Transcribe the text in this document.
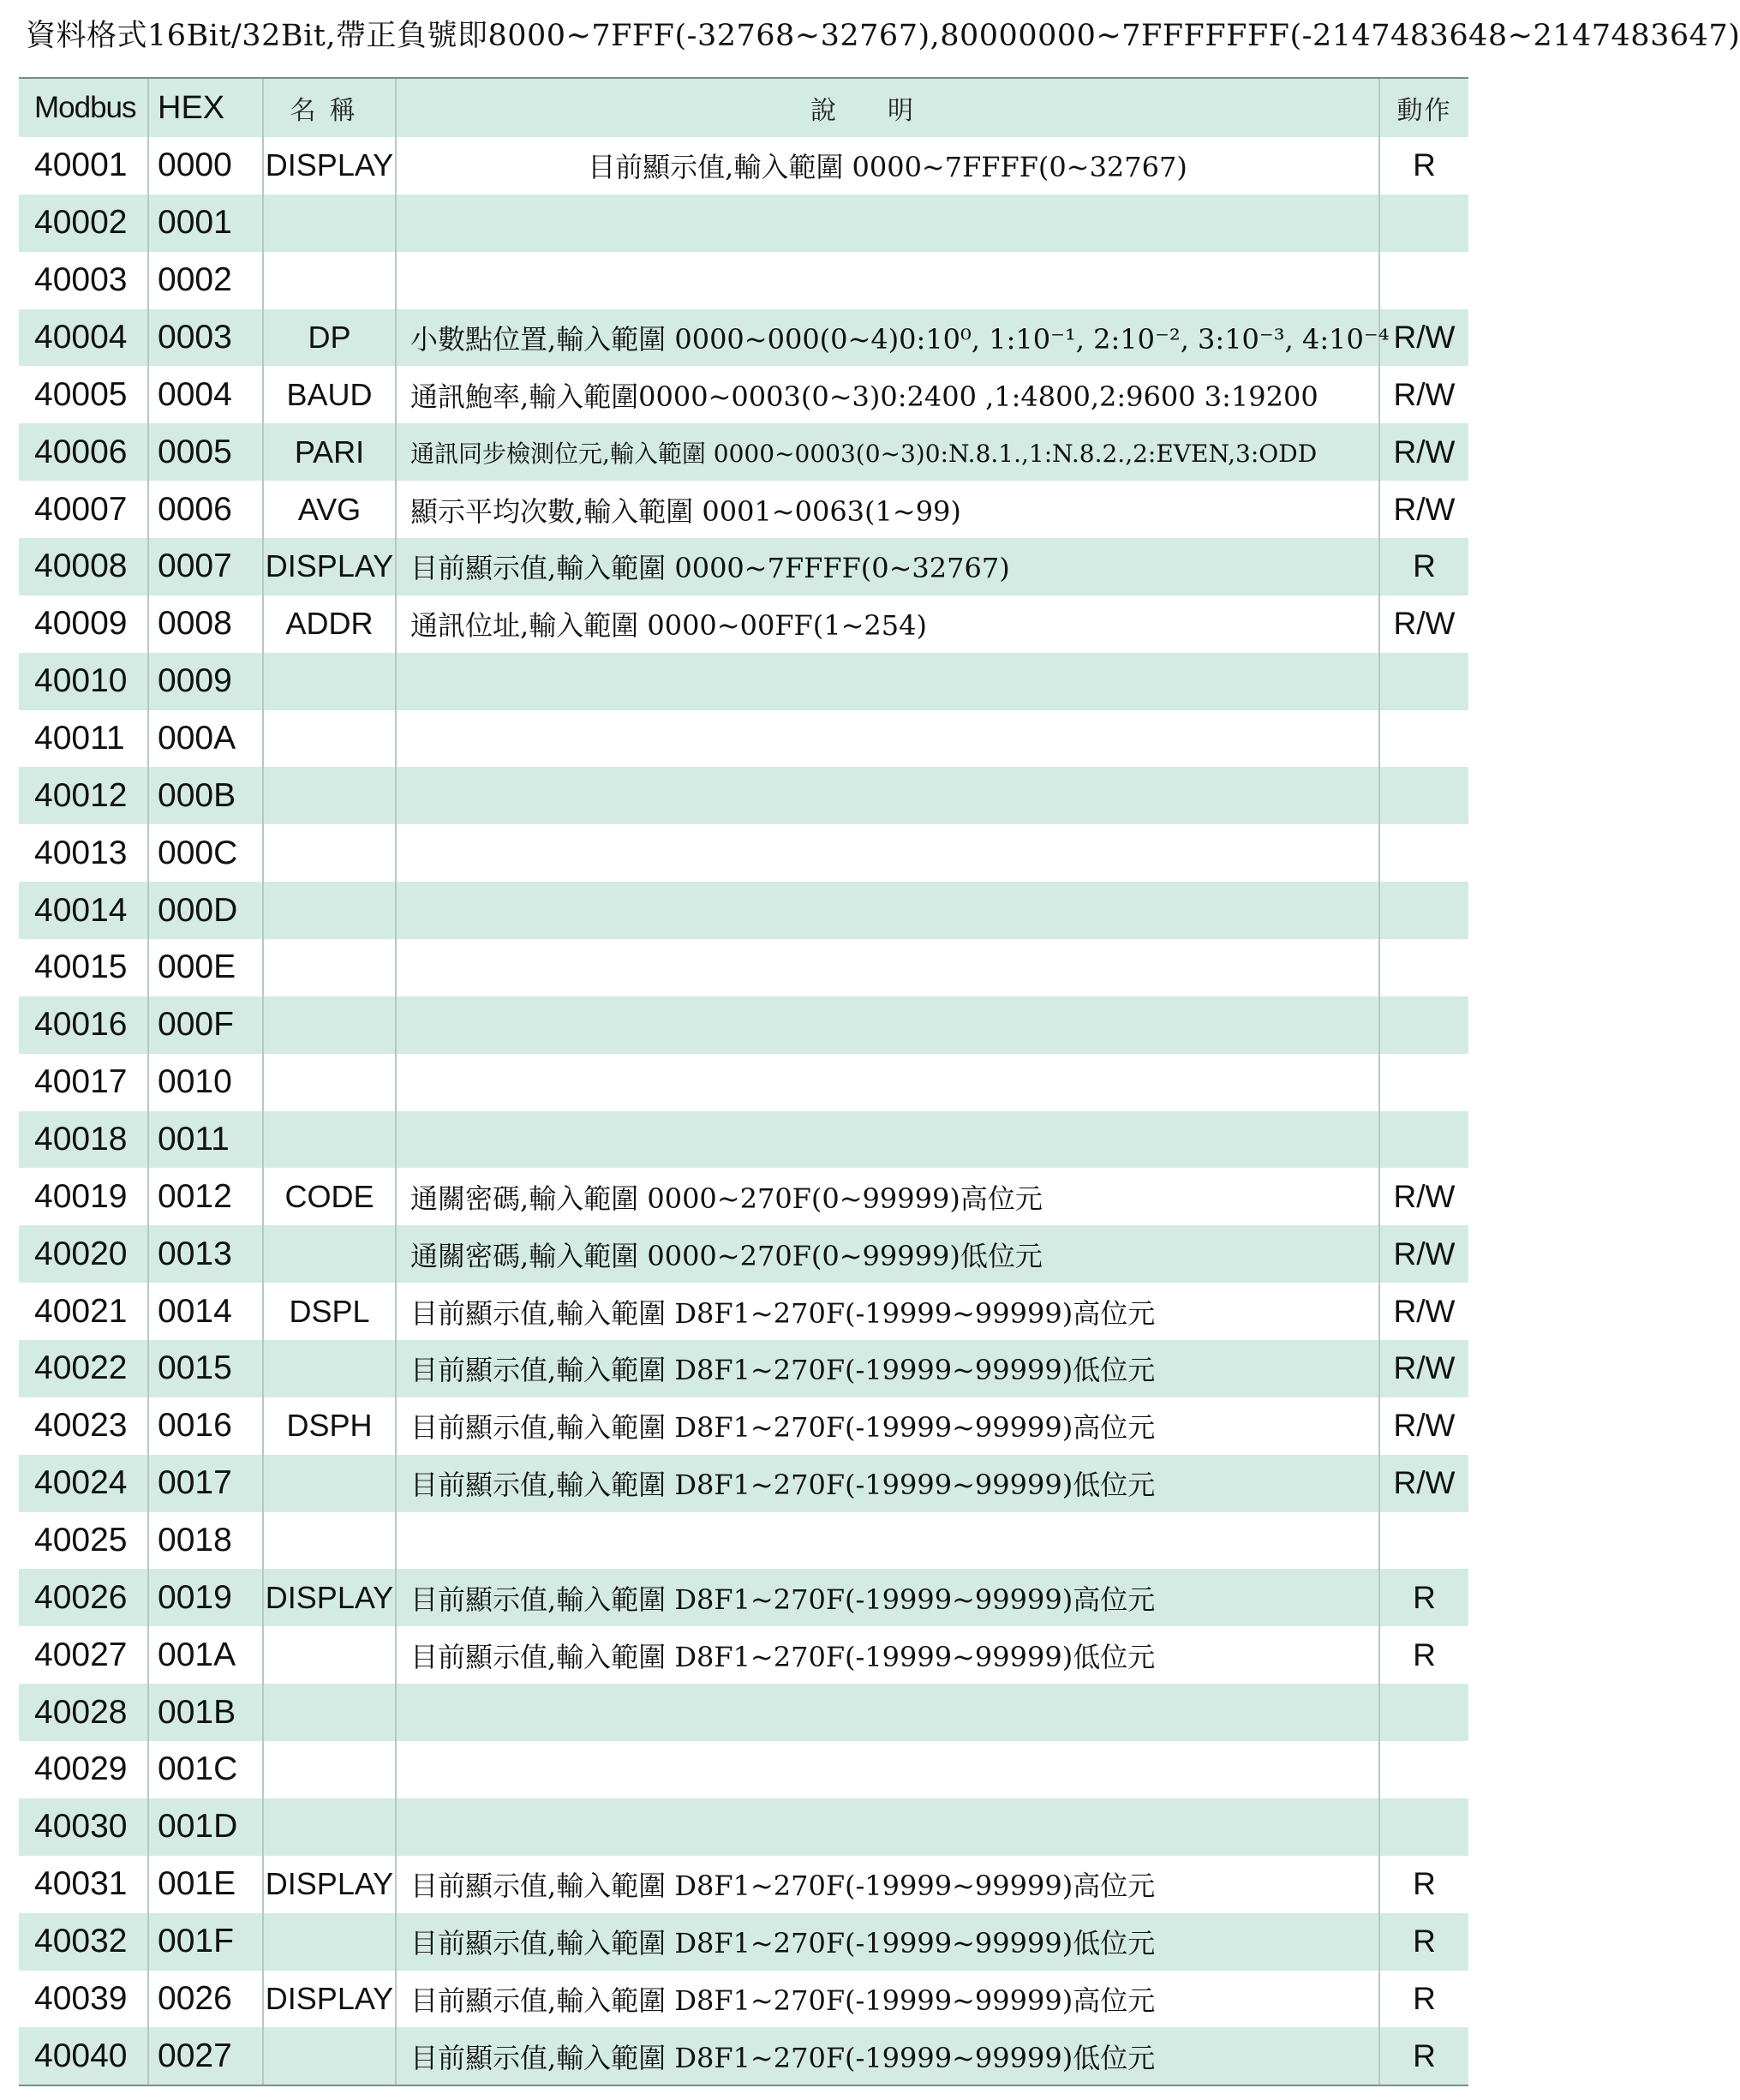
資料格式16Bit/32Bit,帶正負號即8000~7FFF(-32768~32767),80000000~7FFFFFFF(-2147483648~2147483647)
Modbus HEX	名稱	說明	動作
40001 0000 DISPLAY	目前顯示值,輸入範圍 0000~7FFFF(0~32767)	R
40002 0001
40003 0002
40004 0003 DP 小數點位置,輸入範圍 0000~000(0~4)0:10⁰, 1:10⁻¹, 2:10⁻², 3:10⁻³, 4:10⁻⁴ R/W
40005 0004 BAUD 通訊鮑率,輸入範圍0000~0003(0~3)0:2400 ,1:4800,2:9600 3:19200 R/W
40006 0005 PARI 通訊同步檢測位元,輸入範圍 0000~0003(0~3)0:N.8.1.,1:N.8.2.,2:EVEN,3:ODD R/W
40007 0006 AVG 顯示平均次數,輸入範圍 0001~0063(1~99)	R/W
40008 0007 DISPLAY 目前顯示值,輸入範圍 0000~7FFFF(0~32767)	R
40009 0008 ADDR 通訊位址,輸入範圍 0000~00FF(1~254)	R/W
40010 0009
40011 000A
40012 000B
40013 000C
40014 000D
40015 000E
40016 000F
40017 0010
40018 0011
40019 0012 CODE 通關密碼,輸入範圍 0000~270F(0~99999)高位元	R/W
40020 0013	通關密碼,輸入範圍 0000~270F(0~99999)低位元	R/W
40021 0014 DSPL 目前顯示值,輸入範圍 D8F1~270F(-19999~99999)高位元	R/W
40022 0015	目前顯示值,輸入範圍 D8F1~270F(-19999~99999)低位元	R/W
40023 0016 DSPH 目前顯示值,輸入範圍 D8F1~270F(-19999~99999)高位元	R/W
40024 0017	目前顯示值,輸入範圍 D8F1~270F(-19999~99999)低位元	R/W
40025 0018
40026 0019 DISPLAY 目前顯示值,輸入範圍 D8F1~270F(-19999~99999)高位元	R
40027 001A	目前顯示值,輸入範圍 D8F1~270F(-19999~99999)低位元	R
40028 001B
40029 001C
40030 001D
40031 001E DISPLAY 目前顯示值,輸入範圍 D8F1~270F(-19999~99999)高位元	R
40032 001F	目前顯示值,輸入範圍 D8F1~270F(-19999~99999)低位元	R
40039 0026 DISPLAY 目前顯示值,輸入範圍 D8F1~270F(-19999~99999)高位元	R
40040 0027	目前顯示值,輸入範圍 D8F1~270F(-19999~99999)低位元	R
